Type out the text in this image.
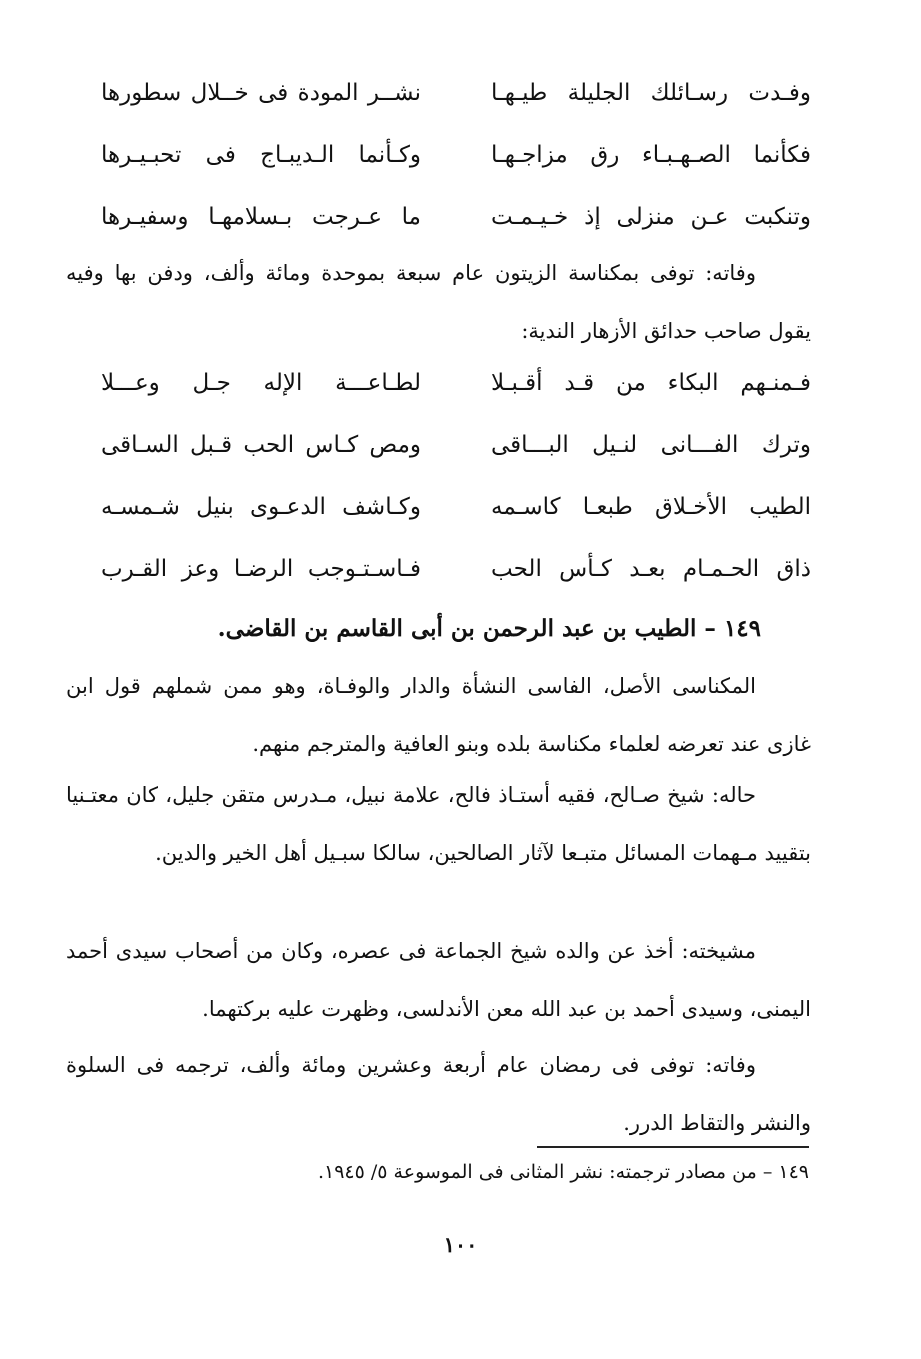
وفـدت رسـائلك الجليلة طيـهـا
نشــر المودة فى خــلال سطورها
فكأنما الصـهـبـاء رق مزاجـهـا
وكـأنما الـديبـاج فى تحبـيـرها
وتنكبت عـن منزلى إذ خـيـمـت
ما عـرجت بـسلامهـا وسفيـرها

وفاته: توفى بمكناسة الزيتون عام سبعة بموحدة ومائة وألف، ودفن بها وفيه يقول صاحب حدائق الأزهار الندية:

فـمنـهم البكاء من قـد أقـبـلا
لطـاعـــة الإله جـل وعـــلا
وترك الفـــانى لنـيل البـــاقى
ومص كـاس الحب قـبل السـاقى
الطيب الأخـلاق طبعـا كاسـمه
وكـاشف الدعـوى بنيل شـمسـه
ذاق الحـمـام بعـد كـأس الحب
فـاسـتـوجب الرضـا وعز القـرب
١٤٩ – الطيب بن عبد الرحمن بن أبى القاسم بن القاضى.

المكناسى الأصل، الفاسى النشأة والدار والوفـاة، وهو ممن شملهم قول ابن غازى عند تعرضه لعلماء مكناسة بلده وبنو العافية والمترجم منهم.

حاله: شيخ صـالح، فقيه أستـاذ فالح، علامة نبيل، مـدرس متقن جليل، كان معتـنيا بتقييد مـهمات المسائل متبـعا لآثار الصالحين، سالكا سبـيل أهل الخير والدين.

مشيخته: أخذ عن والده شيخ الجماعة فى عصره، وكان من أصحاب سيدى أحمد اليمنى، وسيدى أحمد بن عبد الله معن الأندلسى، وظهرت عليه بركتهما.

وفاته: توفى فى رمضان عام أربعة وعشرين ومائة وألف، ترجمه فى السلوة والنشر والتقاط الدرر.

١٤٩ – من مصادر ترجمته: نشر المثانى فى الموسوعة ٥/ ١٩٤٥.

١٠٠
